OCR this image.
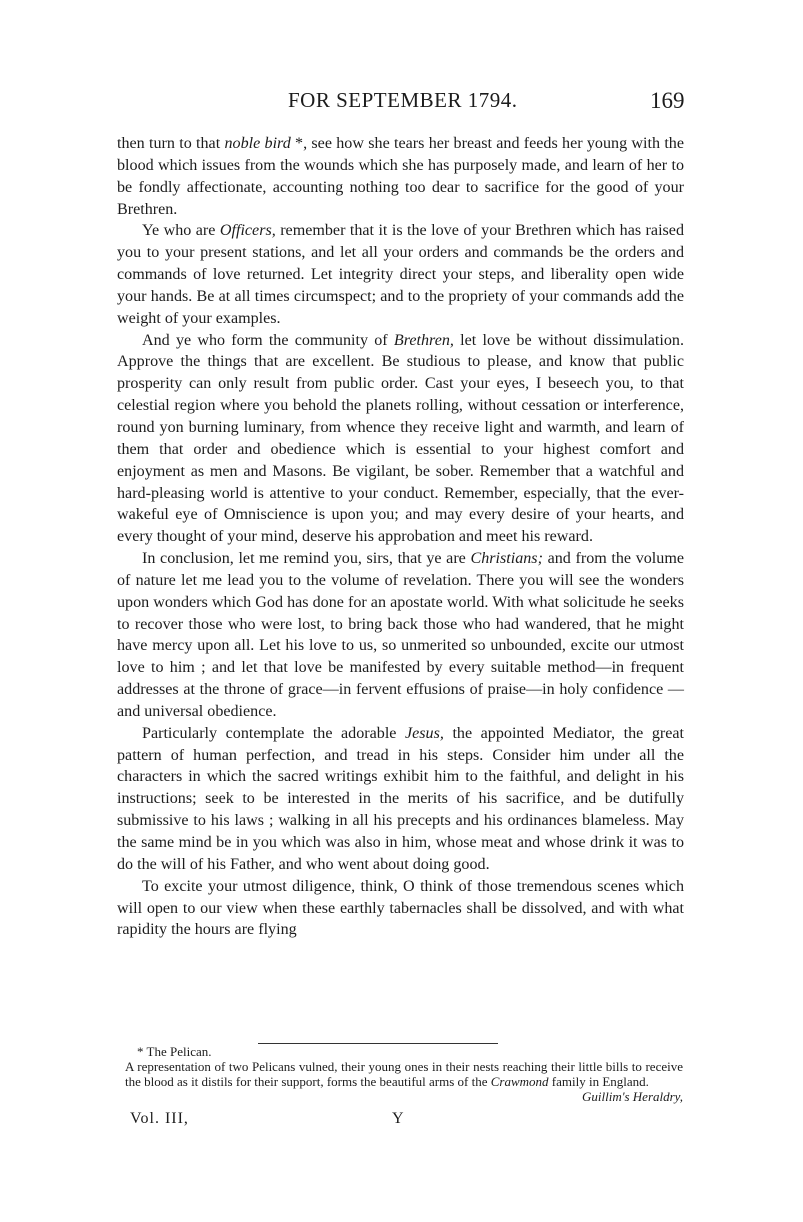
FOR SEPTEMBER 1794.	169

then turn to that noble bird *, see how she tears her breast and feeds her young with the blood which issues from the wounds which she has purposely made, and learn of her to be fondly affectionate, accounting nothing too dear to sacrifice for the good of your Brethren.

Ye who are Officers, remember that it is the love of your Brethren which has raised you to your present stations, and let all your orders and commands be the orders and commands of love returned. Let integrity direct your steps, and liberality open wide your hands. Be at all times circumspect; and to the propriety of your commands add the weight of your examples.

And ye who form the community of Brethren, let love be without dissimulation. Approve the things that are excellent. Be studious to please, and know that public prosperity can only result from public order. Cast your eyes, I beseech you, to that celestial region where you behold the planets rolling, without cessation or interference, round yon burning luminary, from whence they receive light and warmth, and learn of them that order and obedience which is essential to your highest comfort and enjoyment as men and Masons. Be vigilant, be sober. Remember that a watchful and hard-pleasing world is attentive to your conduct. Remember, especially, that the ever-wakeful eye of Omniscience is upon you; and may every desire of your hearts, and every thought of your mind, deserve his approbation and meet his reward.

In conclusion, let me remind you, sirs, that ye are Christians; and from the volume of nature let me lead you to the volume of revelation. There you will see the wonders upon wonders which God has done for an apostate world. With what solicitude he seeks to recover those who were lost, to bring back those who had wandered, that he might have mercy upon all. Let his love to us, so unmerited so unbounded, excite our utmost love to him ; and let that love be manifested by every suitable method—in frequent addresses at the throne of grace—in fervent effusions of praise—in holy confidence —and universal obedience.

Particularly contemplate the adorable Jesus, the appointed Mediator, the great pattern of human perfection, and tread in his steps. Consider him under all the characters in which the sacred writings exhibit him to the faithful, and delight in his instructions; seek to be interested in the merits of his sacrifice, and be dutifully submissive to his laws ; walking in all his precepts and his ordinances blameless. May the same mind be in you which was also in him, whose meat and whose drink it was to do the will of his Father, and who went about doing good.

To excite your utmost diligence, think, O think of those tremendous scenes which will open to our view when these earthly tabernacles shall be dissolved, and with what rapidity the hours are flying

* The Pelican.

A representation of two Pelicans vulned, their young ones in their nests reaching their little bills to receive the blood as it distils for their support, forms the beautiful arms of the Crawmond family in England.
Guillim's Heraldry,

Vol. III,	Y
